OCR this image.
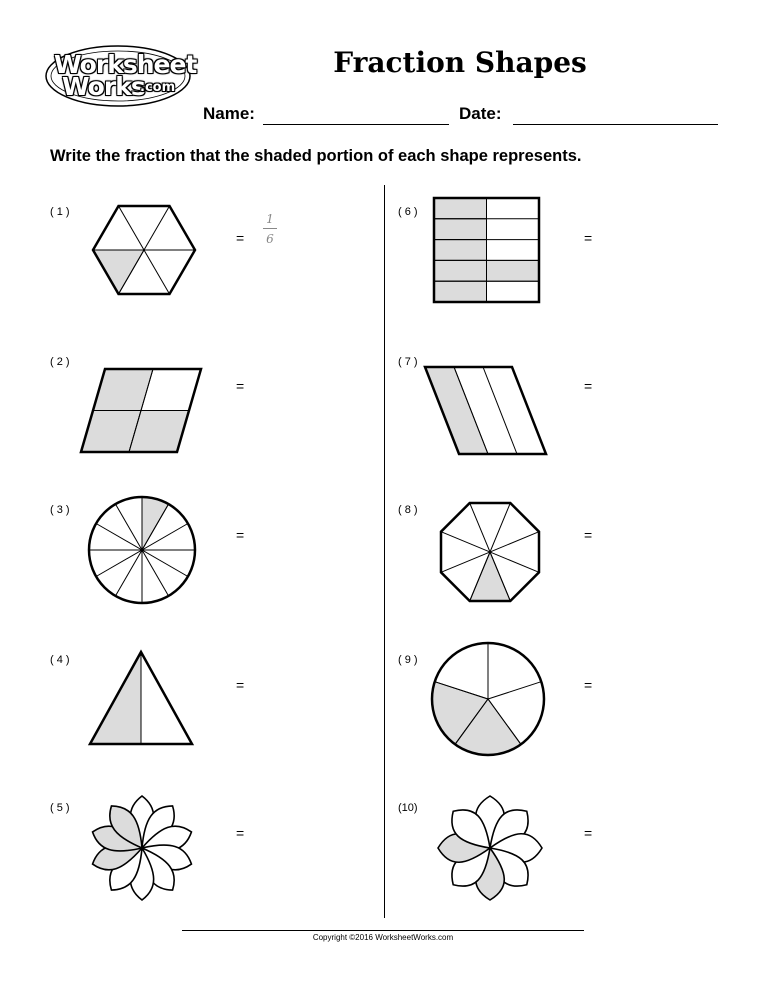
Worksheet
Works
.com
Fraction Shapes
Name:	Date:
Write the fraction that the shaded portion of each shape represents.
( 1 )
=
1
6
( 2 )
=
( 3 )
=
( 4 )
=
( 5 )
=
( 6 )
=
( 7 )
=
( 8 )
=
( 9 )
=
(10)
=
Copyright ©2016 WorksheetWorks.com
